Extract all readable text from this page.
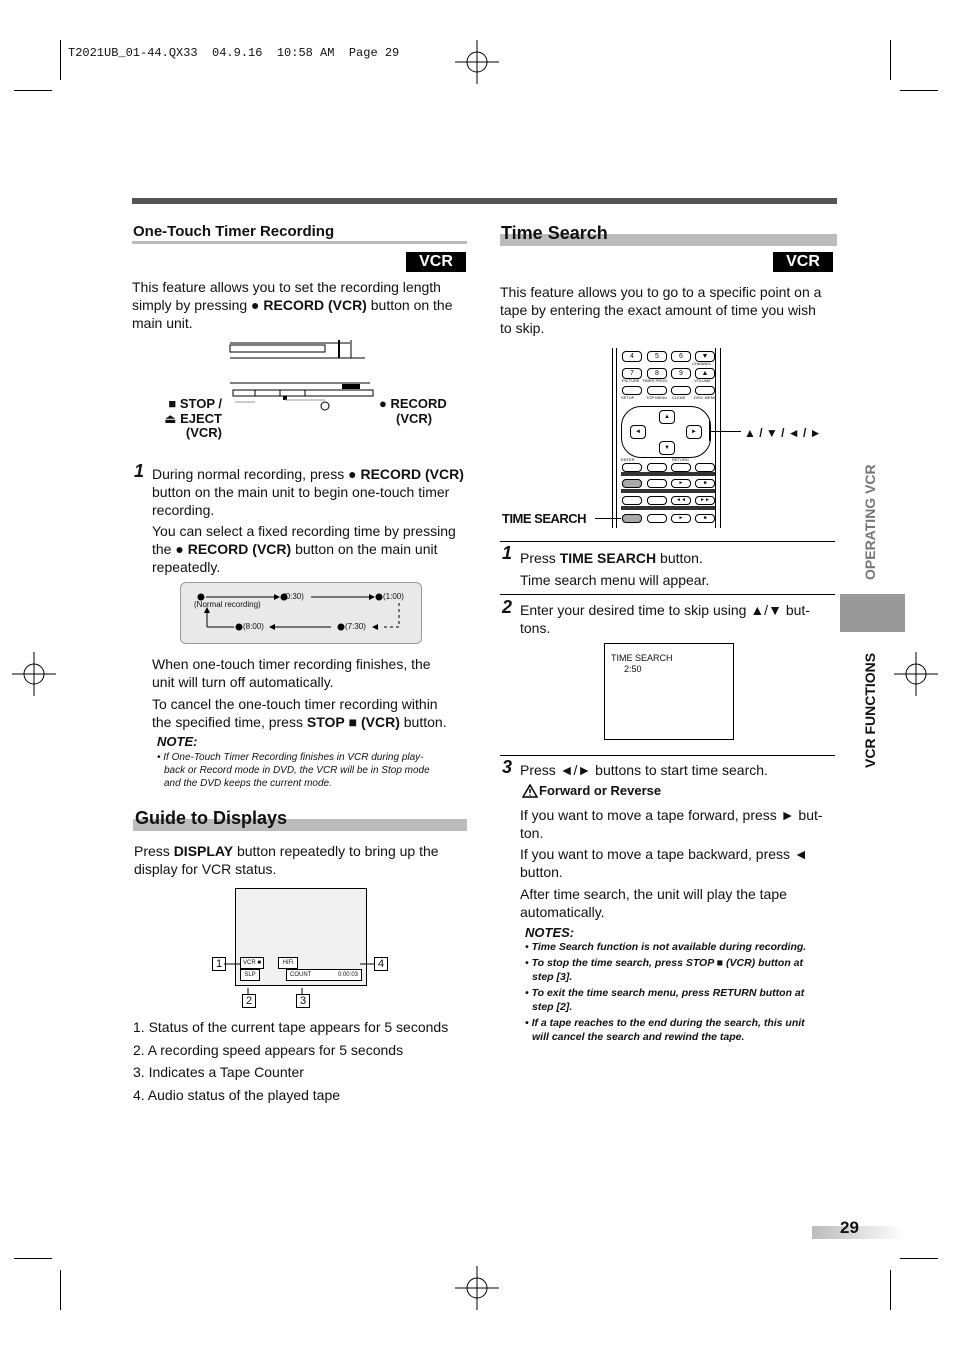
T2021UB_01-44.QX33  04.9.16  10:58 AM  Page 29
One-Touch Timer Recording
VCR

This feature allows you to set the recording length

simply by pressing ● RECORD (VCR) button on the

main unit.

■ STOP /

⏏ EJECT

(VCR)

● RECORD

(VCR)

1 During normal recording, press ● RECORD (VCR)

button on the main unit to begin one-touch timer

recording.

You can select a fixed recording time by pressing

the ● RECORD (VCR) button on the main unit

repeatedly.

(0:30)	(1:00)
(Normal recording)
(8:00)	(7:30)

When one-touch timer recording finishes, the

unit will turn off automatically.

To cancel the one-touch timer recording within

the specified time, press STOP ■ (VCR) button.

NOTE:

• If One-Touch Timer Recording finishes in VCR during play-

back or Record mode in DVD, the VCR will be in Stop mode

and the DVD keeps the current mode.

Guide to Displays

Press DISPLAY button repeatedly to bring up the

display for VCR status.

VCR ■	HiFi
SLP	COUNT	0:00:03
1
2	3
4

1. Status of the current tape appears for 5 seconds

2. A recording speed appears for 5 seconds

3. Indicates a Tape Counter

4. Audio status of the played tape

Time Search
VCR

This feature allows you to go to a specific point on a

tape by entering the exact amount of time you wish

to skip.

4	5	6	▼
CHANNEL
7	8	9	▲
PICTURE TIMER PROG.	VOLUME
SETUP	TOP MENU CLEAR DISC MENU
▲
▼
◄	►
ENTER	RETURN
►	■
◄◄	►►
►	■
▲ / ▼ / ◄ / ►
TIME SEARCH
1 Press TIME SEARCH button.

Time search menu will appear.

2 Enter your desired time to skip using ▲/▼ but-

tons.

TIME SEARCH
2:50
3 Press ◄/► buttons to start time search.
Forward or Reverse

If you want to move a tape forward, press ► but-

ton.

If you want to move a tape backward, press ◄

button.

After time search, the unit will play the tape

automatically.

NOTES:

• Time Search function is not available during recording.

• To stop the time search, press STOP ■ (VCR) button at

step [3].

• To exit the time search menu, press RETURN button at

step [2].

• If a tape reaches to the end during the search, this unit

will cancel the search and rewind the tape.

OPERATING VCR
VCR FUNCTIONS
29
